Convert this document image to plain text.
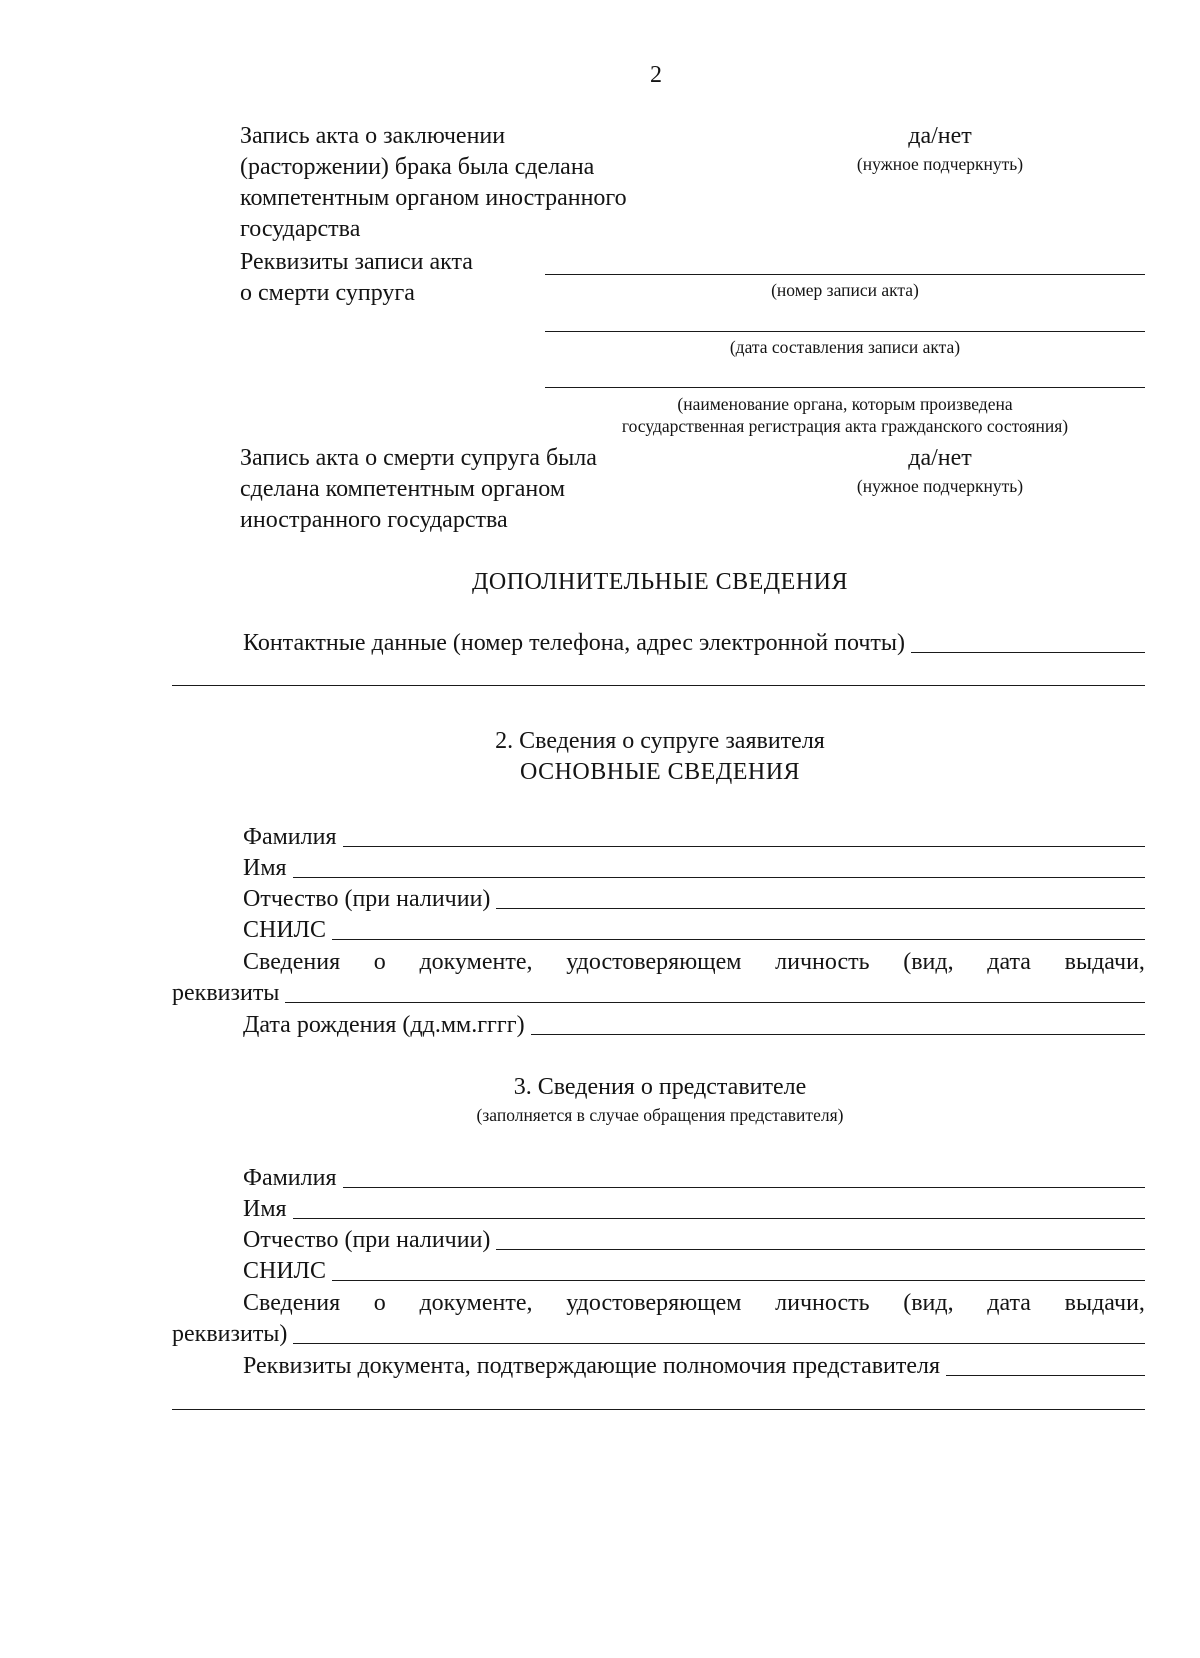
2
Запись акта о заключении
(расторжении) брака была сделана
компетентным органом иностранного
государства
да/нет
(нужное подчеркнуть)
Реквизиты записи акта
о смерти супруга	(номер записи акта)
(дата составления записи акта)
(наименование органа, которым произведена
государственная регистрация акта гражданского состояния)
Запись акта о смерти супруга была
сделана компетентным органом
иностранного государства
да/нет
(нужное подчеркнуть)
ДОПОЛНИТЕЛЬНЫЕ СВЕДЕНИЯ
Контактные данные (номер телефона, адрес электронной почты)
2. Сведения о супруге заявителя
ОСНОВНЫЕ СВЕДЕНИЯ
Фамилия
Имя
Отчество (при наличии)
СНИЛС
Сведения о документе, удостоверяющем личность (вид, дата выдачи,
реквизиты
Дата рождения (дд.мм.гггг)
3. Сведения о представителе
(заполняется в случае обращения представителя)
Фамилия
Имя
Отчество (при наличии)
СНИЛС
Сведения о документе, удостоверяющем личность (вид, дата выдачи,
реквизиты)
Реквизиты документа, подтверждающие полномочия представителя
